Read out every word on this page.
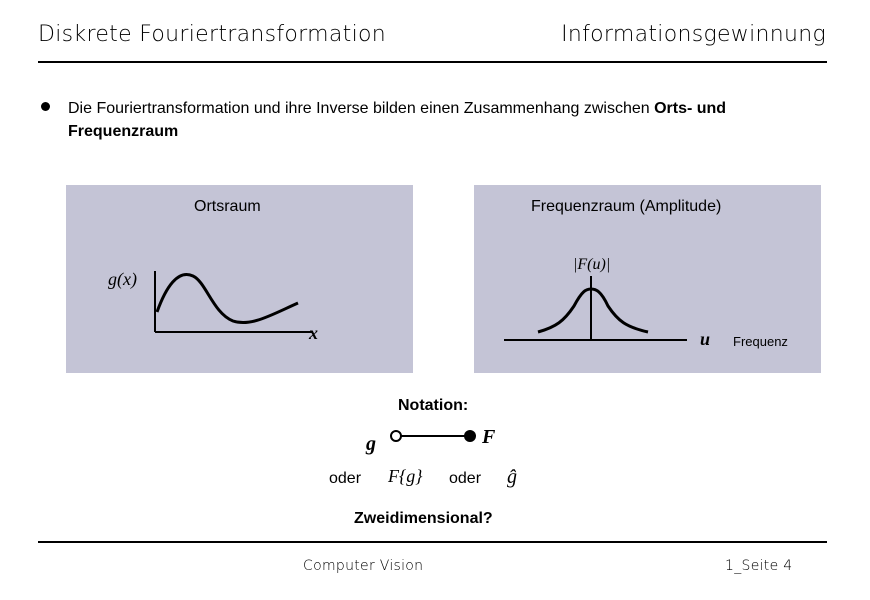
Diskrete Fouriertransformation	Informationsgewinnung
Die Fouriertransformation und ihre Inverse bilden einen Zusammenhang zwischen Orts- und
Frequenzraum
Ortsraum
g(x)
x
Frequenzraum (Amplitude)
|F(u)|
u Frequenz
Notation:
g	F
oder F{g} oder ĝ
Zweidimensional?
Computer Vision	1_Seite 4
